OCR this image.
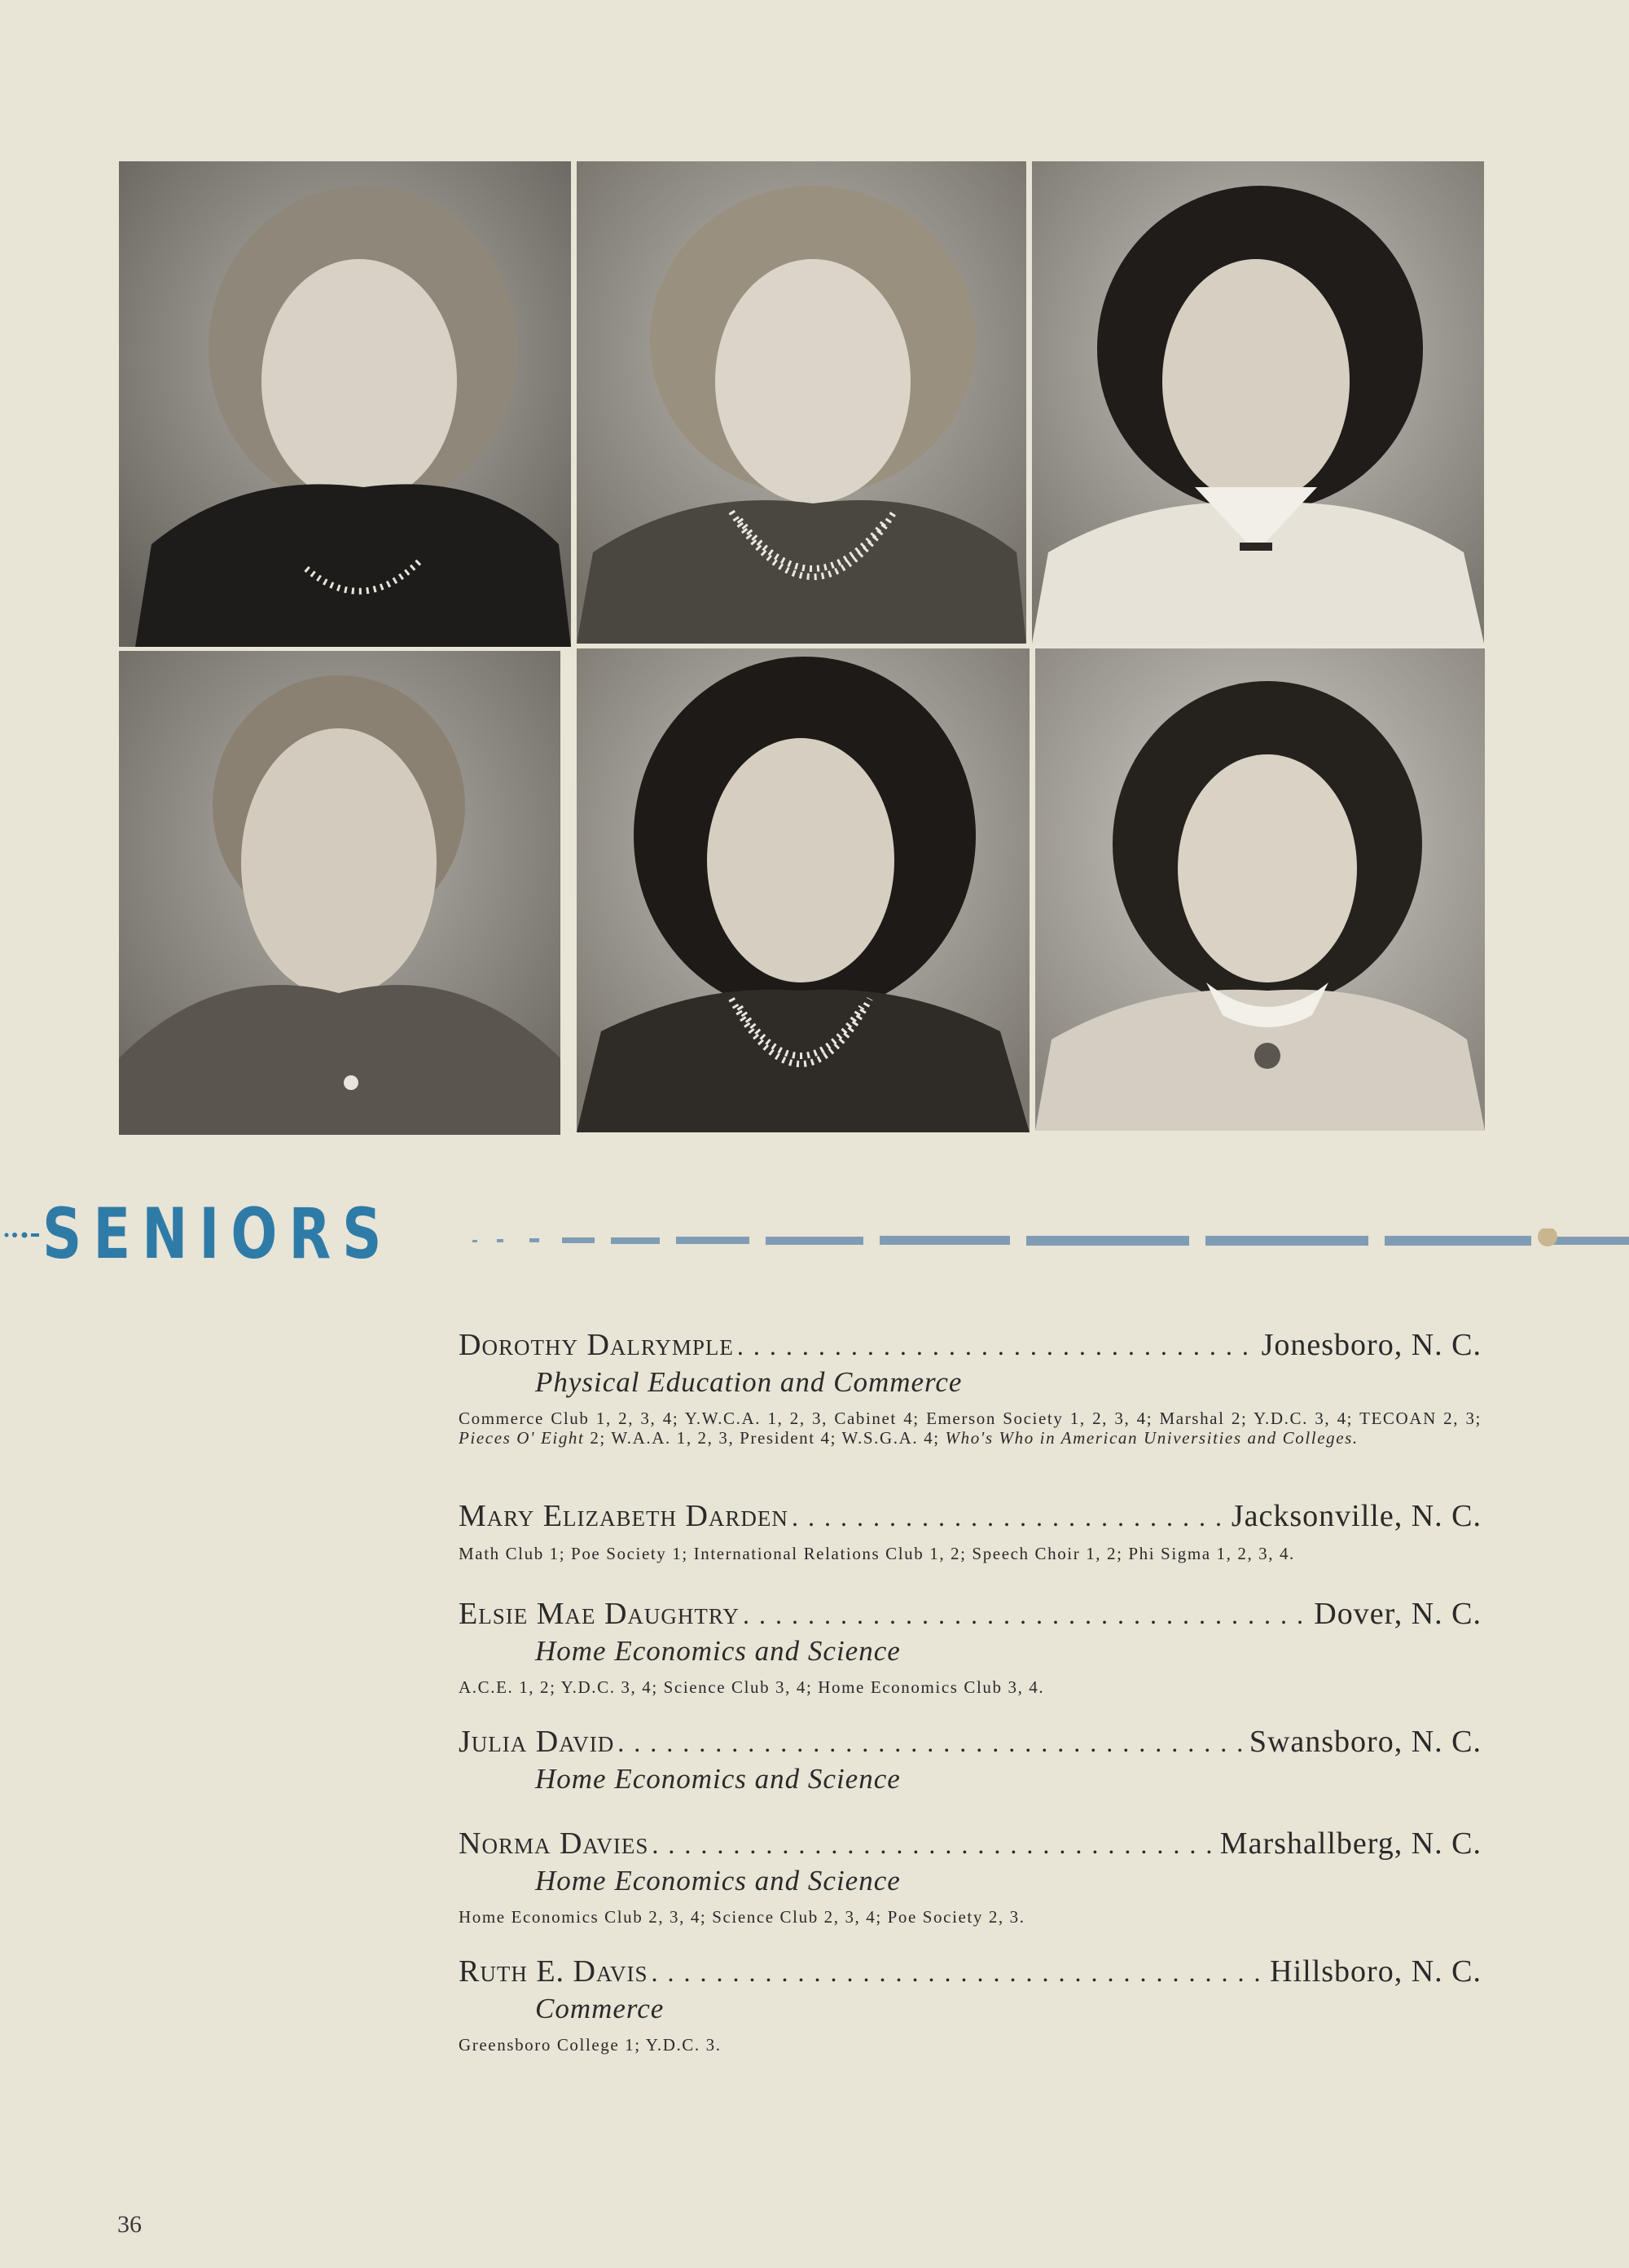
SENIORS
Dorothy Dalrymple . . .	Jonesboro, N. C.
Physical Education and Commerce
Commerce Club 1, 2, 3, 4; Y.W.C.A. 1, 2, 3, Cabinet 4; Emerson Society 1, 2, 3, 4; Marshal 2; Y.D.C. 3, 4; TECOAN 2, 3; Pieces O' Eight 2; W.A.A. 1, 2, 3, President 4; W.S.G.A. 4; Who's Who in American Universities and Colleges.
Mary Elizabeth Darden . . .	Jacksonville, N. C.
Math Club 1; Poe Society 1; International Relations Club 1, 2; Speech Choir 1, 2; Phi Sigma 1, 2, 3, 4.
Elsie Mae Daughtry . . .	Dover, N. C.
Home Economics and Science
A.C.E. 1, 2; Y.D.C. 3, 4; Science Club 3, 4; Home Economics Club 3, 4.
Julia David . . .	Swansboro, N. C.
Home Economics and Science
Norma Davies . . .	Marshallberg, N. C.
Home Economics and Science
Home Economics Club 2, 3, 4; Science Club 2, 3, 4; Poe Society 2, 3.
Ruth E. Davis . . .	Hillsboro, N. C.
Commerce
Greensboro College 1; Y.D.C. 3.
36
